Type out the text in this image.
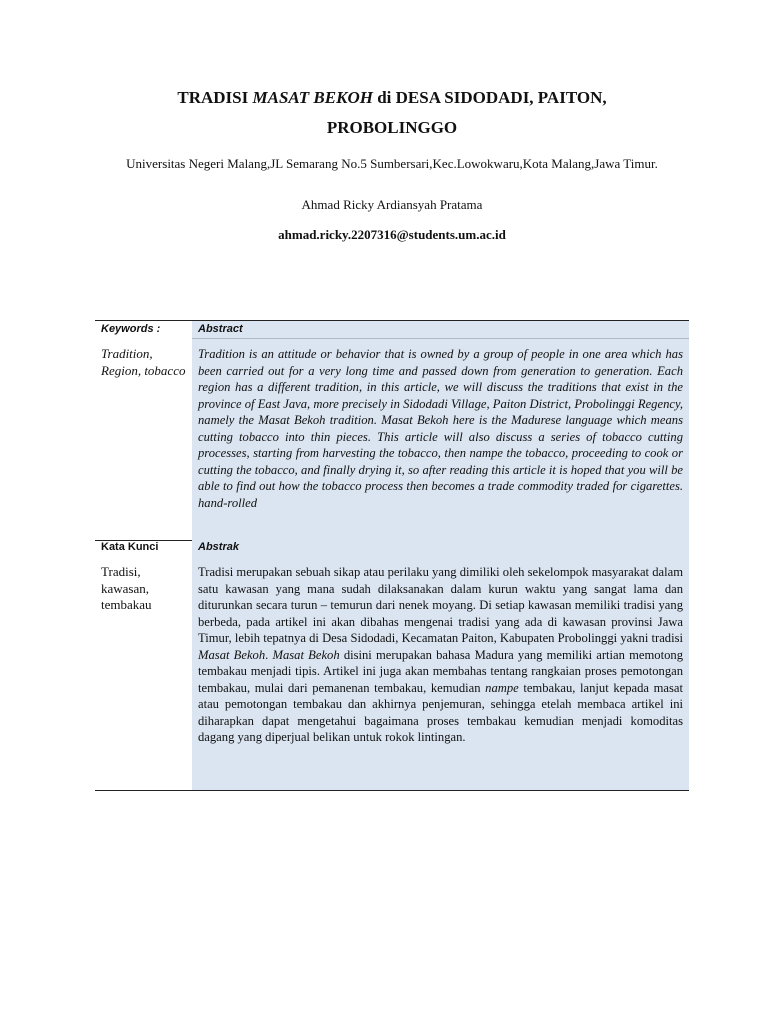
TRADISI MASAT BEKOH di DESA SIDODADI, PAITON,
PROBOLINGGO
Universitas Negeri Malang,JL Semarang No.5 Sumbersari,Kec.Lowokwaru,Kota Malang,Jawa Timur.
Ahmad Ricky Ardiansyah Pratama
ahmad.ricky.2207316@students.um.ac.id
Keywords :
Tradition, Region, tobacco
Abstract
Tradition is an attitude or behavior that is owned by a group of people in one area which has been carried out for a very long time and passed down from generation to generation. Each region has a different tradition, in this article, we will discuss the traditions that exist in the province of East Java, more precisely in Sidodadi Village, Paiton District, Probolinggi Regency, namely the Masat Bekoh tradition. Masat Bekoh here is the Madurese language which means cutting tobacco into thin pieces. This article will also discuss a series of tobacco cutting processes, starting from harvesting the tobacco, then nampe the tobacco, proceeding to cook or cutting the tobacco, and finally drying it, so after reading this article it is hoped that you will be able to find out how the tobacco process then becomes a trade commodity traded for cigarettes. hand-rolled
Kata Kunci
Tradisi, kawasan, tembakau
Abstrak
Tradisi merupakan sebuah sikap atau perilaku yang dimiliki oleh sekelompok masyarakat dalam satu kawasan yang mana sudah dilaksanakan dalam kurun waktu yang sangat lama dan diturunkan secara turun – temurun dari nenek moyang. Di setiap kawasan memiliki tradisi yang berbeda, pada artikel ini akan dibahas mengenai tradisi yang ada di kawasan provinsi Jawa Timur, lebih tepatnya di Desa Sidodadi, Kecamatan Paiton, Kabupaten Probolinggi yakni tradisi Masat Bekoh. Masat Bekoh disini merupakan bahasa Madura yang memiliki artian memotong tembakau menjadi tipis. Artikel ini juga akan membahas tentang rangkaian proses pemotongan tembakau, mulai dari pemanenan tembakau, kemudian nampe tembakau, lanjut kepada masat atau pemotongan tembakau dan akhirnya penjemuran, sehingga etelah membaca artikel ini diharapkan dapat mengetahui bagaimana proses tembakau kemudian menjadi komoditas dagang yang diperjual belikan untuk rokok lintingan.
